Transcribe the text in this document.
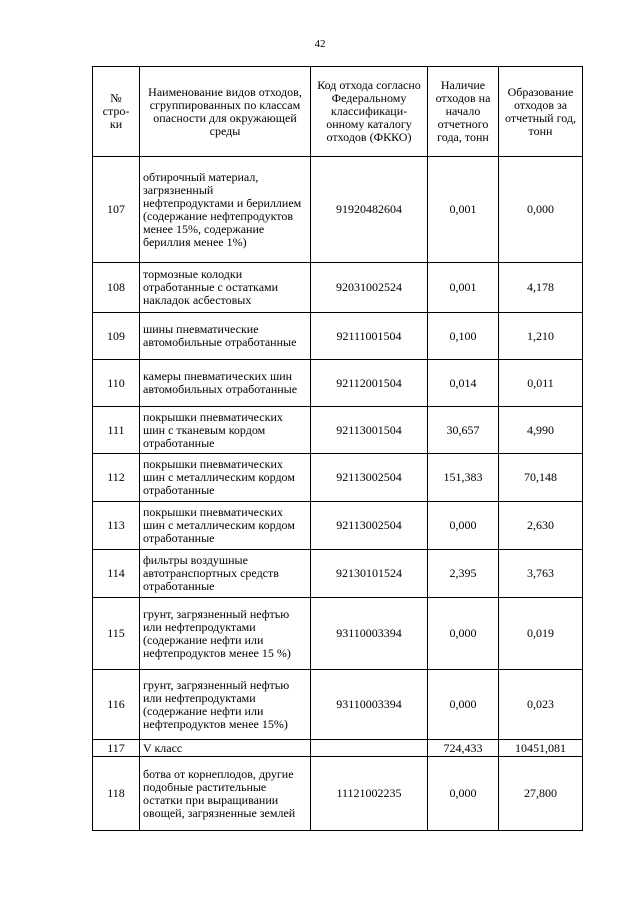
42
№ стро- ки	Наименование видов отходов, сгруппированных по классам опасности для окружающей среды	Код отхода согласно Федеральному классификаци- онному каталогу отходов (ФККО)	Наличие отходов на начало отчетного года, тонн	Образование отходов за отчетный год, тонн
107	обтирочный материал, загрязненный нефтепродуктами и бериллием (содержание нефтепродуктов менее 15%, содержание бериллия менее 1%)	91920482604	0,001	0,000
108	тормозные колодки отработанные с остатками накладок асбестовых	92031002524	0,001	4,178
109	шины пневматические автомобильные отработанные	92111001504	0,100	1,210
110	камеры пневматических шин автомобильных отработанные	92112001504	0,014	0,011
111	покрышки пневматических шин с тканевым кордом отработанные	92113001504	30,657	4,990
112	покрышки пневматических шин с металлическим кордом отработанные	92113002504	151,383	70,148
113	покрышки пневматических шин с металлическим кордом отработанные	92113002504	0,000	2,630
114	фильтры воздушные автотранспортных средств отработанные	92130101524	2,395	3,763
115	грунт, загрязненный нефтью или нефтепродуктами (содержание нефти или нефтепродуктов менее 15 %)	93110003394	0,000	0,019
116	грунт, загрязненный нефтью или нефтепродуктами (содержание нефти или нефтепродуктов менее 15%)	93110003394	0,000	0,023
117	V класс		724,433	10451,081
118	ботва от корнеплодов, другие подобные растительные остатки при выращивании овощей, загрязненные землей	11121002235	0,000	27,800
